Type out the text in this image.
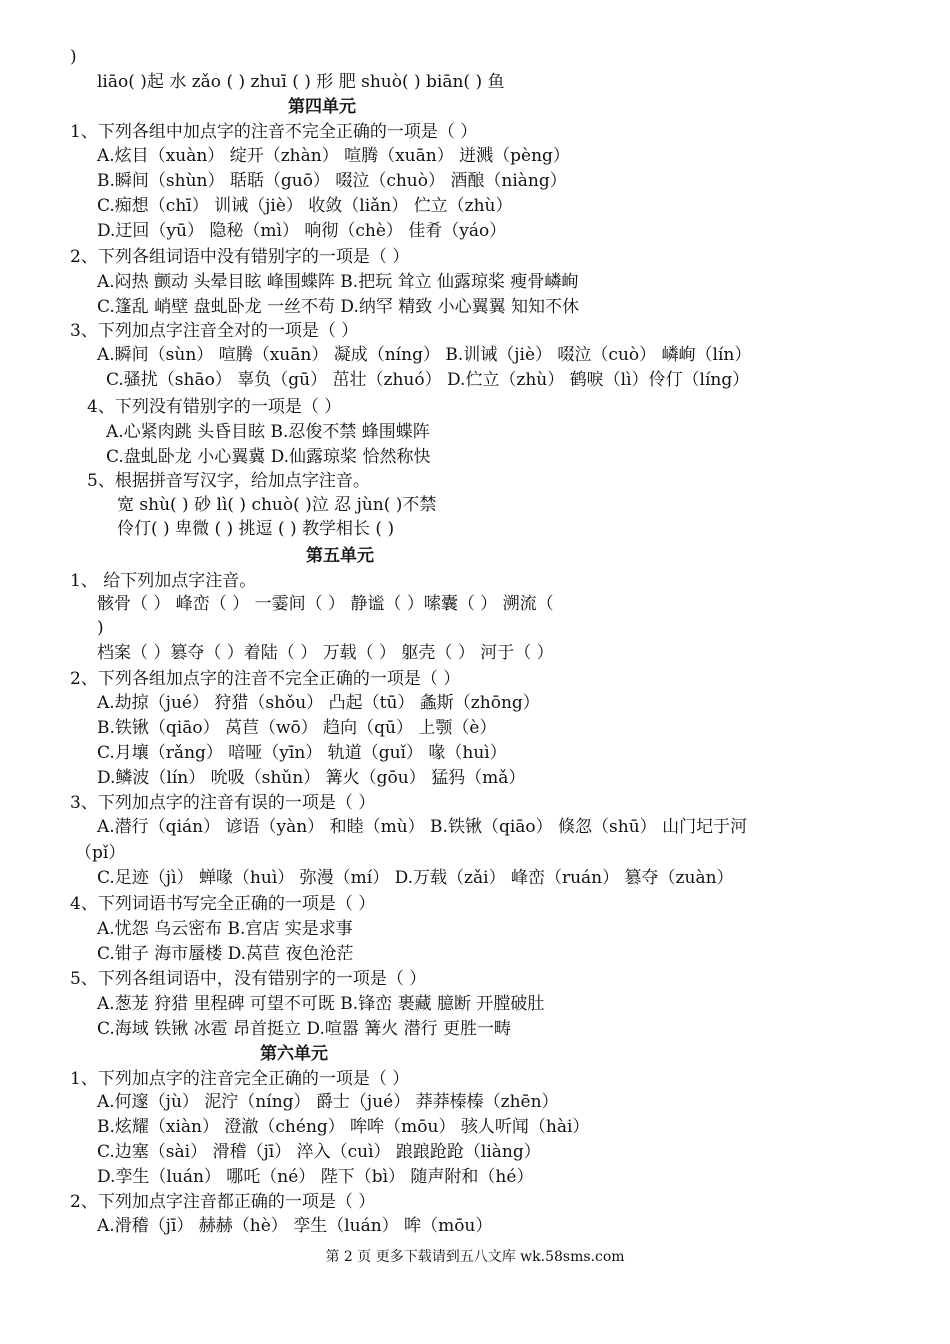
)
liāo( )起 水 zǎo ( ) zhuī ( ) 形 肥 shuò( ) biān( ) 鱼
第四单元
1、下列各组中加点字的注音不完全正确的一项是（ ）
A.炫目（xuàn） 绽开（zhàn） 喧腾（xuān） 迸溅（pèng）
B.瞬间（shùn） 聒聒（guō） 啜泣（chuò） 酒酿（niàng）
C.痴想（chī） 训诫（jiè） 收敛（liǎn） 伫立（zhù）
D.迂回（yū） 隐秘（mì） 响彻（chè） 佳肴（yáo）
2、下列各组词语中没有错别字的一项是（ ）
A.闷热 颤动 头晕目眩 峰围蝶阵 B.把玩 耸立 仙露琼桨 瘦骨嶙峋
C.篷乱 峭壁 盘虬卧龙 一丝不苟 D.纳罕 精致 小心翼翼 知知不休
3、下列加点字注音全对的一项是（ ）
A.瞬间（sùn） 喧腾（xuān） 凝成（níng） B.训诫（jiè） 啜泣（cuò） 嶙峋（lín）
C.骚扰（shāo） 辜负（gū） 茁壮（zhuó） D.伫立（zhù） 鹤唳（lì）伶仃（líng）
4、下列没有错别字的一项是（ ）
A.心紧肉跳 头昏目眩 B.忍俊不禁 蜂围蝶阵
C.盘虬卧龙 小心翼冀 D.仙露琼桨 恰然称快
5、根据拼音写汉字，给加点字注音。
宽 shù( ) 砂 lì( ) chuò( )泣 忍 jùn( )不禁
伶仃( ) 卑微 ( ) 挑逗 ( ) 教学相长 ( )
第五单元
1、 给下列加点字注音。
骸骨（ ） 峰峦（ ） 一霎间（ ） 静谧（ ）嗦囊（ ） 溯流（
)
档案（ ）篡夺（ ）着陆（ ） 万载（ ） 躯壳（ ） 河于（ ）
2、下列各组加点字的注音不完全正确的一项是（ ）
A.劫掠（jué） 狩猎（shǒu） 凸起（tū） 螽斯（zhōng）
B.铁锹（qiāo） 莴苣（wō） 趋向（qū） 上颚（è）
C.月壤（rǎng） 喑哑（yīn） 轨道（guǐ） 喙（huì）
D.鳞波（lín） 吮吸（shǔn） 篝火（gōu） 猛犸（mǎ）
3、下列加点字的注音有误的一项是（ ）
A.潜行（qián） 谚语（yàn） 和睦（mù） B.铁锹（qiāo） 倏忽（shū） 山门圮于河
（pǐ）
C.足迹（jì） 蝉喙（huì） 弥漫（mí） D.万载（zǎi） 峰峦（ruán） 篡夺（zuàn）
4、下列词语书写完全正确的一项是（ ）
A.忧怨 乌云密布 B.宫店 实是求事
C.钳子 海市蜃楼 D.莴苣 夜色沧茫
5、下列各组词语中，没有错别字的一项是（ ）
A.葱茏 狩猎 里程碑 可望不可既 B.锋峦 裹藏 臆断 开膛破肚
C.海域 铁锹 冰雹 昂首挺立 D.喧嚣 篝火 潜行 更胜一畴
第六单元
1、下列加点字的注音完全正确的一项是（ ）
A.何邃（jù） 泥泞（níng） 爵士（jué） 莽莽榛榛（zhēn）
B.炫耀（xiàn） 澄澈（chéng） 哞哞（mōu） 骇人听闻（hài）
C.边塞（sài） 滑稽（jī） 淬入（cuì） 踉踉跄跄（liàng）
D.孪生（luán） 哪吒（né） 陛下（bì） 随声附和（hé）
2、下列加点字注音都正确的一项是（ ）
A.滑稽（jī） 赫赫（hè） 孪生（luán） 哞（mōu）
第 2 页 更多下载请到五八文库 wk.58sms.com
